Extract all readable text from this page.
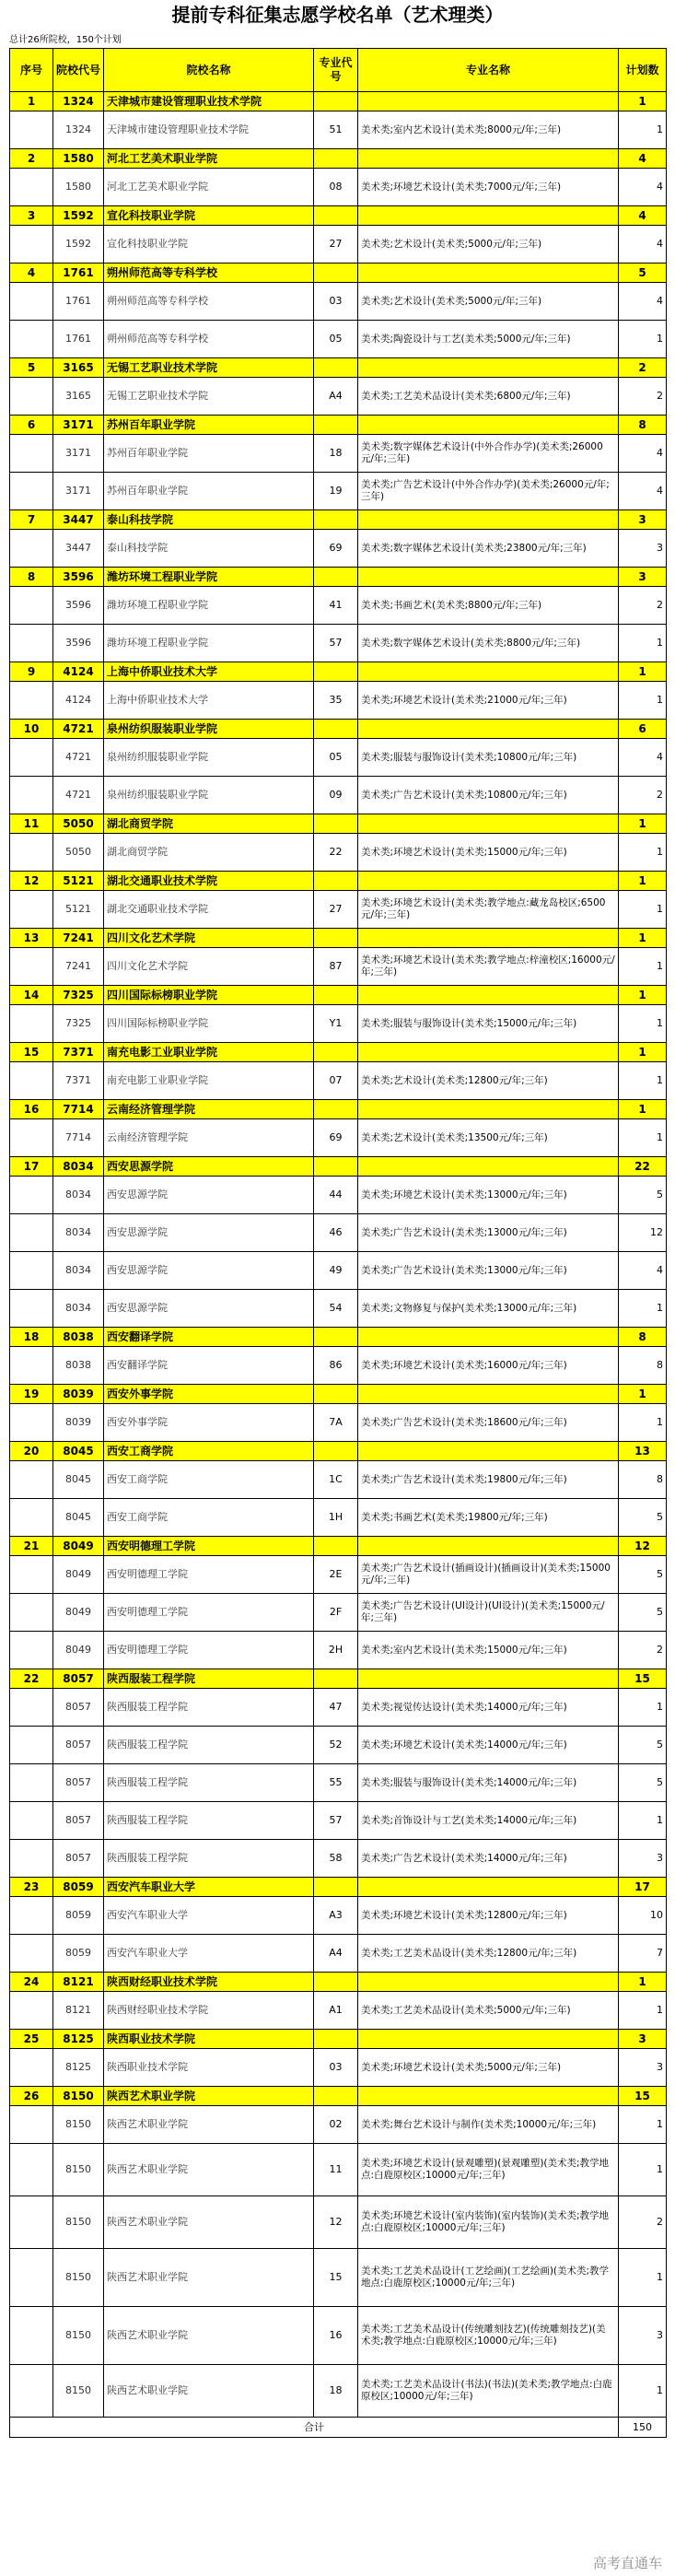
提前专科征集志愿学校名单（艺术理类）
总计26所院校，150个计划
序号	院校代号	院校名称	专业代号	专业名称	计划数
1	1324	天津城市建设管理职业技术学院			1
	1324	天津城市建设管理职业技术学院	51	美术类;室内艺术设计(美术类;8000元/年;三年)	1
2	1580	河北工艺美术职业学院			4
	1580	河北工艺美术职业学院	08	美术类;环境艺术设计(美术类;7000元/年;三年)	4
3	1592	宣化科技职业学院			4
	1592	宣化科技职业学院	27	美术类;艺术设计(美术类;5000元/年;三年)	4
4	1761	朔州师范高等专科学校			5
	1761	朔州师范高等专科学校	03	美术类;艺术设计(美术类;5000元/年;三年)	4
	1761	朔州师范高等专科学校	05	美术类;陶瓷设计与工艺(美术类;5000元/年;三年)	1
5	3165	无锡工艺职业技术学院			2
	3165	无锡工艺职业技术学院	A4	美术类;工艺美术品设计(美术类;6800元/年;三年)	2
6	3171	苏州百年职业学院			8
	3171	苏州百年职业学院	18	美术类;数字媒体艺术设计(中外合作办学)(美术类;26000元/年;三年)	4
	3171	苏州百年职业学院	19	美术类;广告艺术设计(中外合作办学)(美术类;26000元/年;三年)	4
7	3447	泰山科技学院			3
	3447	泰山科技学院	69	美术类;数字媒体艺术设计(美术类;23800元/年;三年)	3
8	3596	潍坊环境工程职业学院			3
	3596	潍坊环境工程职业学院	41	美术类;书画艺术(美术类;8800元/年;三年)	2
	3596	潍坊环境工程职业学院	57	美术类;数字媒体艺术设计(美术类;8800元/年;三年)	1
9	4124	上海中侨职业技术大学			1
	4124	上海中侨职业技术大学	35	美术类;环境艺术设计(美术类;21000元/年;三年)	1
10	4721	泉州纺织服装职业学院			6
	4721	泉州纺织服装职业学院	05	美术类;服装与服饰设计(美术类;10800元/年;三年)	4
	4721	泉州纺织服装职业学院	09	美术类;广告艺术设计(美术类;10800元/年;三年)	2
11	5050	湖北商贸学院			1
	5050	湖北商贸学院	22	美术类;环境艺术设计(美术类;15000元/年;三年)	1
12	5121	湖北交通职业技术学院			1
	5121	湖北交通职业技术学院	27	美术类;环境艺术设计(美术类;教学地点:藏龙岛校区;6500元/年;三年)	1
13	7241	四川文化艺术学院			1
	7241	四川文化艺术学院	87	美术类;环境艺术设计(美术类;教学地点:梓潼校区;16000元/年;三年)	1
14	7325	四川国际标榜职业学院			1
	7325	四川国际标榜职业学院	Y1	美术类;服装与服饰设计(美术类;15000元/年;三年)	1
15	7371	南充电影工业职业学院			1
	7371	南充电影工业职业学院	07	美术类;艺术设计(美术类;12800元/年;三年)	1
16	7714	云南经济管理学院			1
	7714	云南经济管理学院	69	美术类;艺术设计(美术类;13500元/年;三年)	1
17	8034	西安思源学院			22
	8034	西安思源学院	44	美术类;环境艺术设计(美术类;13000元/年;三年)	5
	8034	西安思源学院	46	美术类;广告艺术设计(美术类;13000元/年;三年)	12
	8034	西安思源学院	49	美术类;广告艺术设计(美术类;13000元/年;三年)	4
	8034	西安思源学院	54	美术类;文物修复与保护(美术类;13000元/年;三年)	1
18	8038	西安翻译学院			8
	8038	西安翻译学院	86	美术类;环境艺术设计(美术类;16000元/年;三年)	8
19	8039	西安外事学院			1
	8039	西安外事学院	7A	美术类;广告艺术设计(美术类;18600元/年;三年)	1
20	8045	西安工商学院			13
	8045	西安工商学院	1C	美术类;广告艺术设计(美术类;19800元/年;三年)	8
	8045	西安工商学院	1H	美术类;书画艺术(美术类;19800元/年;三年)	5
21	8049	西安明德理工学院			12
	8049	西安明德理工学院	2E	美术类;广告艺术设计(插画设计)(插画设计)(美术类;15000元/年;三年)	5
	8049	西安明德理工学院	2F	美术类;广告艺术设计(UI设计)(UI设计)(美术类;15000元/年;三年)	5
	8049	西安明德理工学院	2H	美术类;室内艺术设计(美术类;15000元/年;三年)	2
22	8057	陕西服装工程学院			15
	8057	陕西服装工程学院	47	美术类;视觉传达设计(美术类;14000元/年;三年)	1
	8057	陕西服装工程学院	52	美术类;环境艺术设计(美术类;14000元/年;三年)	5
	8057	陕西服装工程学院	55	美术类;服装与服饰设计(美术类;14000元/年;三年)	5
	8057	陕西服装工程学院	57	美术类;首饰设计与工艺(美术类;14000元/年;三年)	1
	8057	陕西服装工程学院	58	美术类;广告艺术设计(美术类;14000元/年;三年)	3
23	8059	西安汽车职业大学			17
	8059	西安汽车职业大学	A3	美术类;环境艺术设计(美术类;12800元/年;三年)	10
	8059	西安汽车职业大学	A4	美术类;工艺美术品设计(美术类;12800元/年;三年)	7
24	8121	陕西财经职业技术学院			1
	8121	陕西财经职业技术学院	A1	美术类;工艺美术品设计(美术类;5000元/年;三年)	1
25	8125	陕西职业技术学院			3
	8125	陕西职业技术学院	03	美术类;环境艺术设计(美术类;5000元/年;三年)	3
26	8150	陕西艺术职业学院			15
	8150	陕西艺术职业学院	02	美术类;舞台艺术设计与制作(美术类;10000元/年;三年)	1
	8150	陕西艺术职业学院	11	美术类;环境艺术设计(景观雕塑)(景观雕塑)(美术类;教学地点:白鹿原校区;10000元/年;三年)	1
	8150	陕西艺术职业学院	12	美术类;环境艺术设计(室内装饰)(室内装饰)(美术类;教学地点:白鹿原校区;10000元/年;三年)	2
	8150	陕西艺术职业学院	15	美术类;工艺美术品设计(工艺绘画)(工艺绘画)(美术类;教学地点:白鹿原校区;10000元/年;三年)	1
	8150	陕西艺术职业学院	16	美术类;工艺美术品设计(传统雕刻技艺)(传统雕刻技艺)(美术类;教学地点:白鹿原校区;10000元/年;三年)	3
	8150	陕西艺术职业学院	18	美术类;工艺美术品设计(书法)(书法)(美术类;教学地点:白鹿原校区;10000元/年;三年)	1
合计					150
高考直通车
